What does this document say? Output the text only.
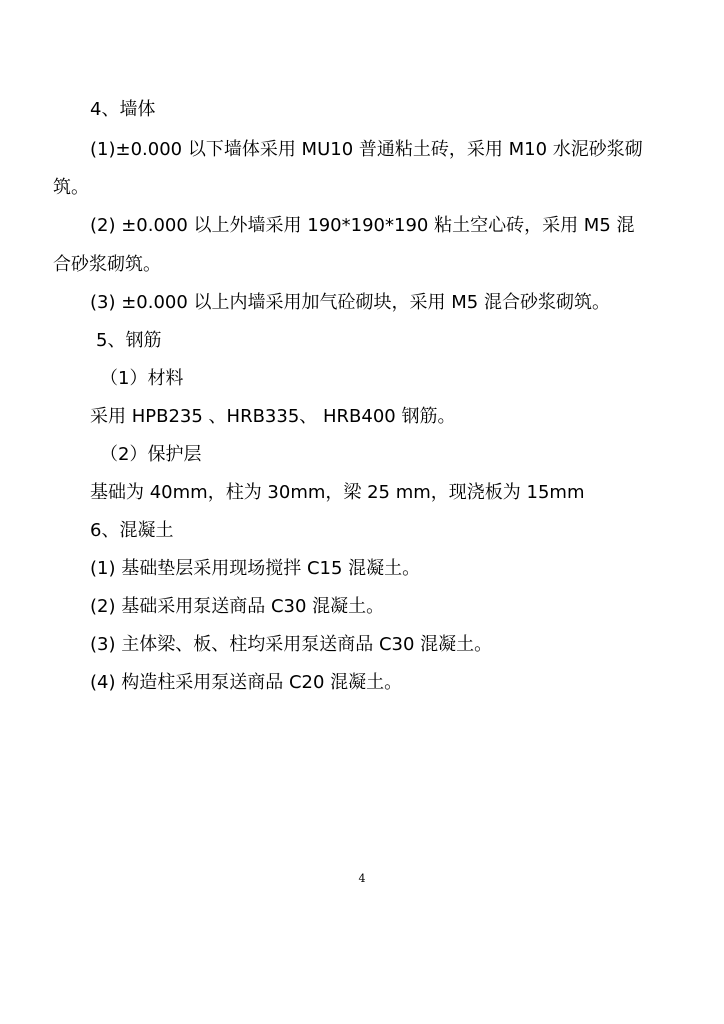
4、墙体
(1)±0.000 以下墙体采用 MU10 普通粘土砖，采用 M10 水泥砂浆砌
筑。
(2) ±0.000 以上外墙采用 190*190*190 粘土空心砖，采用 M5 混
合砂浆砌筑。
(3) ±0.000 以上内墙采用加气砼砌块，采用 M5 混合砂浆砌筑。
5、钢筋
（1）材料
采用 HPB235 、HRB335、 HRB400 钢筋。
（2）保护层
基础为 40mm，柱为 30mm，梁 25 mm，现浇板为 15mm
6、混凝土
(1) 基础垫层采用现场搅拌 C15 混凝土。
(2) 基础采用泵送商品 C30 混凝土。
(3) 主体梁、板、柱均采用泵送商品 C30 混凝土。
(4) 构造柱采用泵送商品 C20 混凝土。
4
